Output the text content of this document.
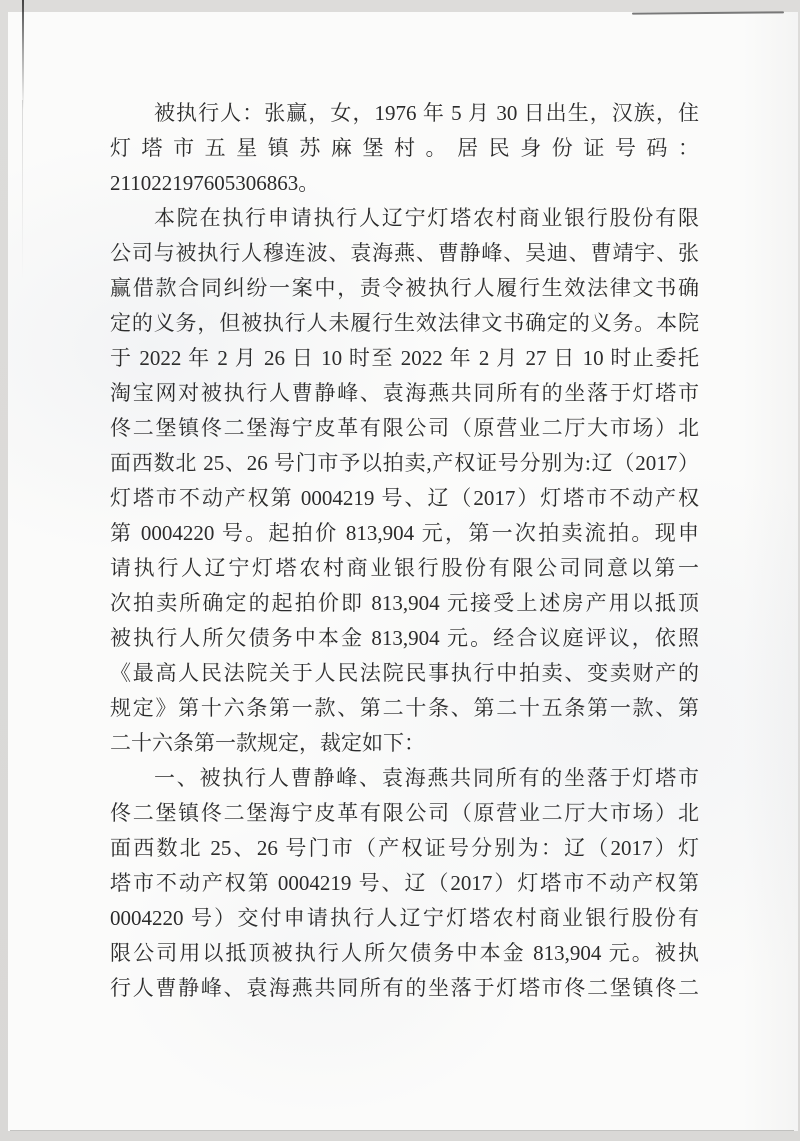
被执行人：张赢，女，1976 年 5 月 30 日出生，汉族，住
灯塔市五星镇苏麻堡村。居民身份证号码：
211022197605306863。

本院在执行申请执行人辽宁灯塔农村商业银行股份有限
公司与被执行人穆连波、袁海燕、曹静峰、吴迪、曹靖宇、张
赢借款合同纠纷一案中，责令被执行人履行生效法律文书确
定的义务，但被执行人未履行生效法律文书确定的义务。本院
于 2022 年 2 月 26 日 10 时至 2022 年 2 月 27 日 10 时止委托
淘宝网对被执行人曹静峰、袁海燕共同所有的坐落于灯塔市
佟二堡镇佟二堡海宁皮革有限公司（原营业二厅大市场）北
面西数北 25、26 号门市予以拍卖,产权证号分别为:辽（2017）
灯塔市不动产权第 0004219 号、辽（2017）灯塔市不动产权
第 0004220 号。起拍价 813,904 元，第一次拍卖流拍。现申
请执行人辽宁灯塔农村商业银行股份有限公司同意以第一
次拍卖所确定的起拍价即 813,904 元接受上述房产用以抵顶
被执行人所欠债务中本金 813,904 元。经合议庭评议，依照
《最高人民法院关于人民法院民事执行中拍卖、变卖财产的
规定》第十六条第一款、第二十条、第二十五条第一款、第
二十六条第一款规定，裁定如下：

一、被执行人曹静峰、袁海燕共同所有的坐落于灯塔市
佟二堡镇佟二堡海宁皮革有限公司（原营业二厅大市场）北
面西数北 25、26 号门市（产权证号分别为：辽（2017）灯
塔市不动产权第 0004219 号、辽（2017）灯塔市不动产权第
0004220 号）交付申请执行人辽宁灯塔农村商业银行股份有
限公司用以抵顶被执行人所欠债务中本金 813,904 元。被执
行人曹静峰、袁海燕共同所有的坐落于灯塔市佟二堡镇佟二
